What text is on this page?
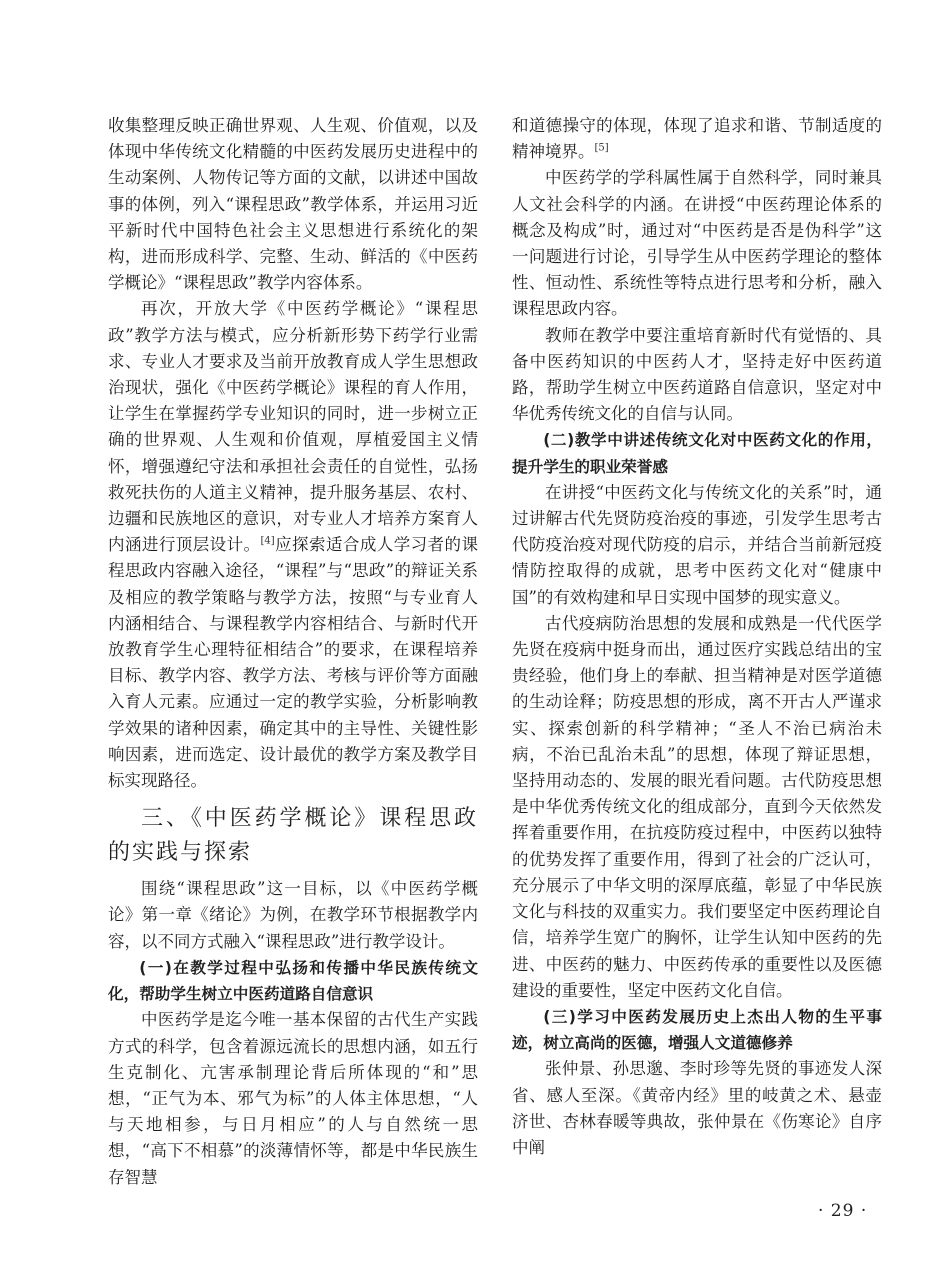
收集整理反映正确世界观、人生观、价值观，以及体现中华传统文化精髓的中医药发展历史进程中的生动案例、人物传记等方面的文献，以讲述中国故事的体例，列入“课程思政”教学体系，并运用习近平新时代中国特色社会主义思想进行系统化的架构，进而形成科学、完整、生动、鲜活的《中医药学概论》“课程思政”教学内容体系。

再次，开放大学《中医药学概论》“课程思政”教学方法与模式，应分析新形势下药学行业需求、专业人才要求及当前开放教育成人学生思想政治现状，强化《中医药学概论》课程的育人作用，让学生在掌握药学专业知识的同时，进一步树立正确的世界观、人生观和价值观，厚植爱国主义情怀，增强遵纪守法和承担社会责任的自觉性，弘扬救死扶伤的人道主义精神，提升服务基层、农村、边疆和民族地区的意识，对专业人才培养方案育人内涵进行顶层设计。[4]应探索适合成人学习者的课程思政内容融入途径，“课程”与“思政”的辩证关系及相应的教学策略与教学方法，按照“与专业育人内涵相结合、与课程教学内容相结合、与新时代开放教育学生心理特征相结合”的要求，在课程培养目标、教学内容、教学方法、考核与评价等方面融入育人元素。应通过一定的教学实验，分析影响教学效果的诸种因素，确定其中的主导性、关键性影响因素，进而选定、设计最优的教学方案及教学目标实现路径。

三、《中医药学概论》课程思政的实践与探索

围绕“课程思政”这一目标，以《中医药学概论》第一章《绪论》为例，在教学环节根据教学内容，以不同方式融入“课程思政”进行教学设计。

(一)在教学过程中弘扬和传播中华民族传统文化，帮助学生树立中医药道路自信意识

中医药学是迄今唯一基本保留的古代生产实践方式的科学，包含着源远流长的思想内涵，如五行生克制化、亢害承制理论背后所体现的“和”思想，“正气为本、邪气为标”的人体主体思想，“人与天地相参，与日月相应”的人与自然统一思想，“高下不相慕”的淡薄情怀等，都是中华民族生存智慧

和道德操守的体现，体现了追求和谐、节制适度的精神境界。[5]

中医药学的学科属性属于自然科学，同时兼具人文社会科学的内涵。在讲授“中医药理论体系的概念及构成”时，通过对“中医药是否是伪科学”这一问题进行讨论，引导学生从中医药学理论的整体性、恒动性、系统性等特点进行思考和分析，融入课程思政内容。

教师在教学中要注重培育新时代有觉悟的、具备中医药知识的中医药人才，坚持走好中医药道路，帮助学生树立中医药道路自信意识，坚定对中华优秀传统文化的自信与认同。

(二)教学中讲述传统文化对中医药文化的作用，提升学生的职业荣誉感

在讲授“中医药文化与传统文化的关系”时，通过讲解古代先贤防疫治疫的事迹，引发学生思考古代防疫治疫对现代防疫的启示，并结合当前新冠疫情防控取得的成就，思考中医药文化对“健康中国”的有效构建和早日实现中国梦的现实意义。

古代疫病防治思想的发展和成熟是一代代医学先贤在疫病中挺身而出，通过医疗实践总结出的宝贵经验，他们身上的奉献、担当精神是对医学道德的生动诠释；防疫思想的形成，离不开古人严谨求实、探索创新的科学精神；“圣人不治已病治未病，不治已乱治未乱”的思想，体现了辩证思想，坚持用动态的、发展的眼光看问题。古代防疫思想是中华优秀传统文化的组成部分，直到今天依然发挥着重要作用，在抗疫防疫过程中，中医药以独特的优势发挥了重要作用，得到了社会的广泛认可，充分展示了中华文明的深厚底蕴，彰显了中华民族文化与科技的双重实力。我们要坚定中医药理论自信，培养学生宽广的胸怀，让学生认知中医药的先进、中医药的魅力、中医药传承的重要性以及医德建设的重要性，坚定中医药文化自信。

(三)学习中医药发展历史上杰出人物的生平事迹，树立高尚的医德，增强人文道德修养

张仲景、孙思邈、李时珍等先贤的事迹发人深省、感人至深。《黄帝内经》里的岐黄之术、悬壶济世、杏林春暖等典故，张仲景在《伤寒论》自序中阐

· 29 ·
